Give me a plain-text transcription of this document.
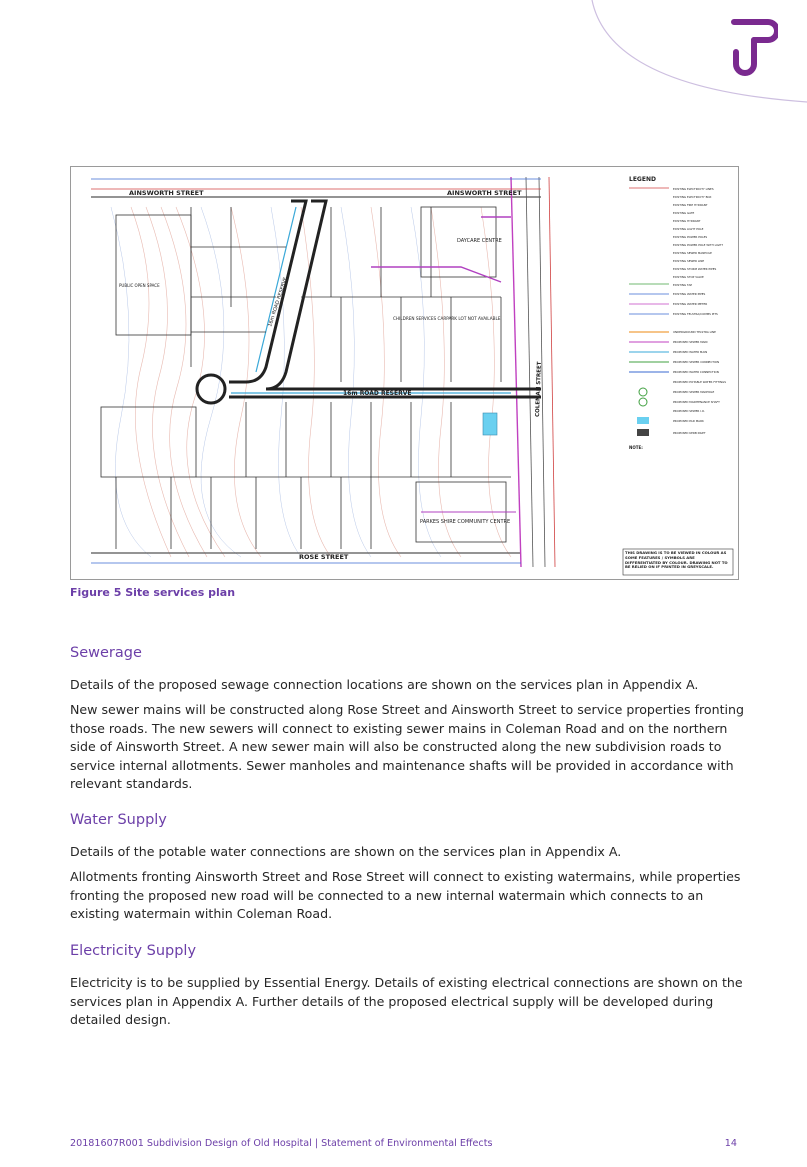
AINSWORTH STREET	AINSWORTH STREET
ROSE STREET
COLEMAN STREET
16m ROAD RESERVE
16m ROAD RESERVE
DAYCARE CENTRE
CHILDREN SERVICES CARPARK LOT NOT AVAILABLE
PARKES SHIRE COMMUNITY CENTRE
PUBLIC OPEN SPACE
LEGEND
EXISTING ELECTRICITY LINES
EXISTING ELECTRICITY BOX
EXISTING FIRE HYDRANT
EXISTING GATE
EXISTING HYDRANT
EXISTING LIGHT POLE
EXISTING POWER POLES
EXISTING POWER POLE WITH LIGHT
EXISTING SEWER MANHOLE
EXISTING SEWER LINE
EXISTING STORM WATER PIPES
EXISTING STOP VALVE
EXISTING TAP
EXISTING WATER PIPES
EXISTING WATER METER
EXISTING TELSTRA/COMMS PITS
UNDERGROUND TELSTRA LINE
PROPOSED SEWER MAIN
PROPOSED WATER MAIN
PROPOSED SEWER CONNECTION
PROPOSED WATER CONNECTION
PROPOSED POTABLE WATER FITTINGS
PROPOSED SEWER MANHOLE
PROPOSED MAINTENANCE SHAFT
PROPOSED SEWER I.O.
PROPOSED PAD MARK
PROPOSED KERB INLET
NOTE:
THIS DRAWING IS TO BE VIEWED IN COLOUR AS SOME FEATURES / SYMBOLS ARE DIFFERENTIATED BY COLOUR. DRAWING NOT TO BE RELIED ON IF PRINTED IN GREYSCALE.
Figure 5 Site services plan
Sewerage

Details of the proposed sewage connection locations are shown on the services plan in Appendix A.

New sewer mains will be constructed along Rose Street and Ainsworth Street to service properties fronting those roads. The new sewers will connect to existing sewer mains in Coleman Road and on the northern side of Ainsworth Street. A new sewer main will also be constructed along the new subdivision roads to service internal allotments. Sewer manholes and maintenance shafts will be provided in accordance with relevant standards.

Water Supply

Details of the potable water connections are shown on the services plan in Appendix A.

Allotments fronting Ainsworth Street and Rose Street will connect to existing watermains, while properties fronting the proposed new road will be connected to a new internal watermain which connects to an existing watermain within Coleman Road.

Electricity Supply

Electricity is to be supplied by Essential Energy. Details of existing electrical connections are shown on the services plan in Appendix A. Further details of the proposed electrical supply will be developed during detailed design.

20181607R001 Subdivision Design of Old Hospital | Statement of Environmental Effects	14
